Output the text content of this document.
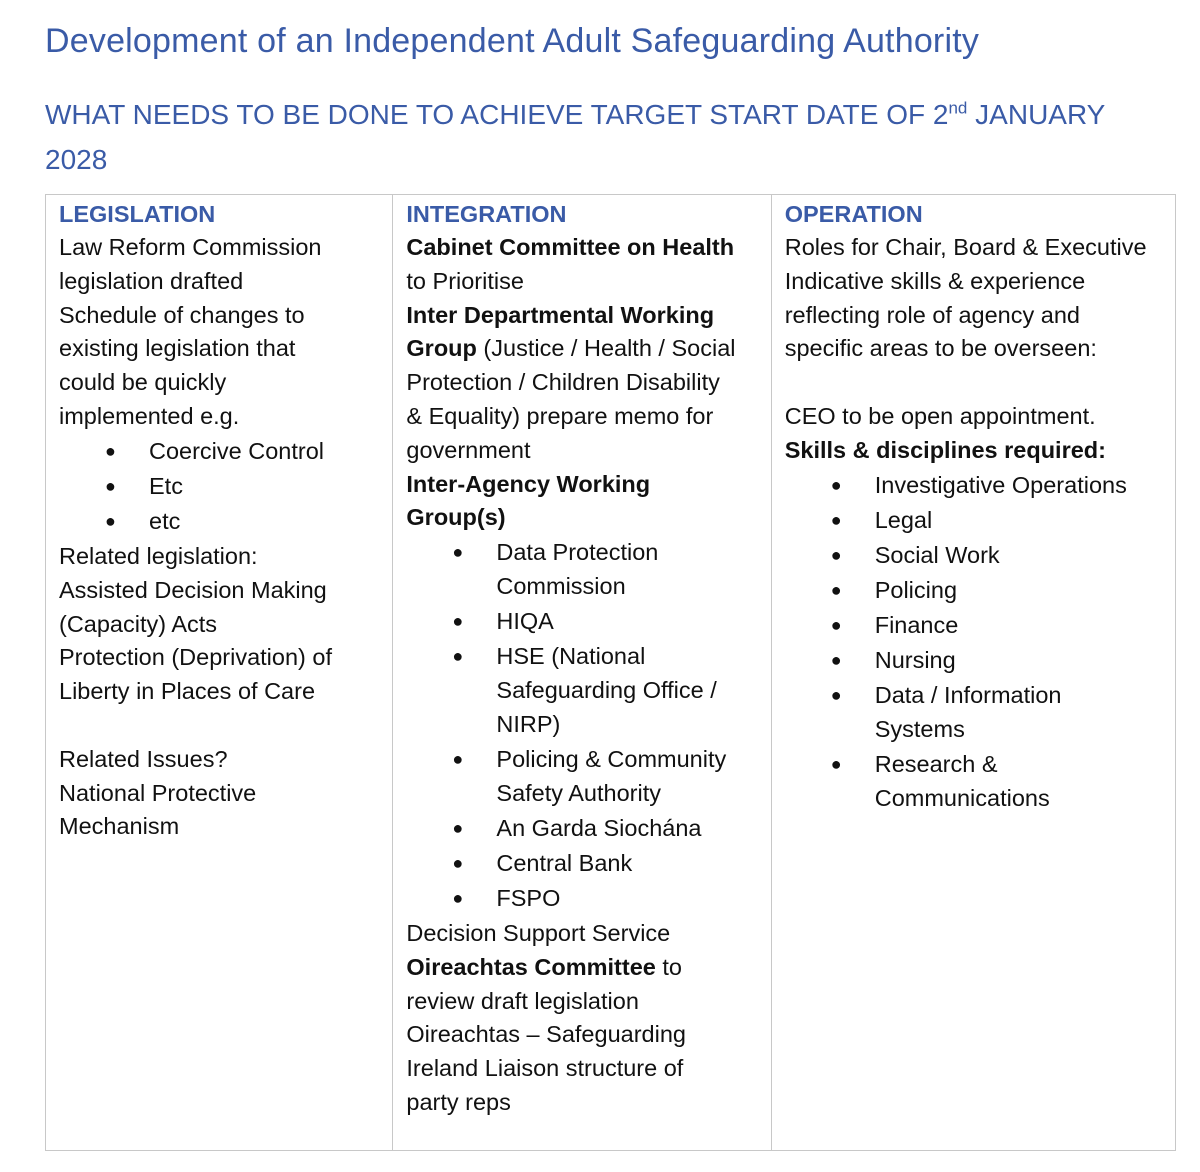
Development of an Independent Adult Safeguarding Authority
WHAT NEEDS TO BE DONE TO ACHIEVE TARGET START DATE OF 2nd JANUARY 2028
LEGISLATION
Law Reform Commission
legislation drafted
Schedule of changes to
existing legislation that
could be quickly
implemented e.g.
● Coercive Control
● Etc
● etc
Related legislation:
Assisted Decision Making
(Capacity) Acts
Protection (Deprivation) of
Liberty in Places of Care
Related Issues?
National Protective
Mechanism
INTEGRATION
Cabinet Committee on Health
to Prioritise
Inter Departmental Working
Group (Justice / Health / Social
Protection / Children Disability
& Equality) prepare memo for
government
Inter-Agency Working
Group(s)
● Data Protection
Commission
● HIQA
● HSE (National
Safeguarding Office /
NIRP)
● Policing & Community
Safety Authority
● An Garda Siochána
● Central Bank
● FSPO
Decision Support Service
Oireachtas Committee to
review draft legislation
Oireachtas – Safeguarding
Ireland Liaison structure of
party reps
OPERATION
Roles for Chair, Board & Executive
Indicative skills & experience
reflecting role of agency and
specific areas to be overseen:
CEO to be open appointment.
Skills & disciplines required:
● Investigative Operations
● Legal
● Social Work
● Policing
● Finance
● Nursing
● Data / Information
Systems
● Research &
Communications
